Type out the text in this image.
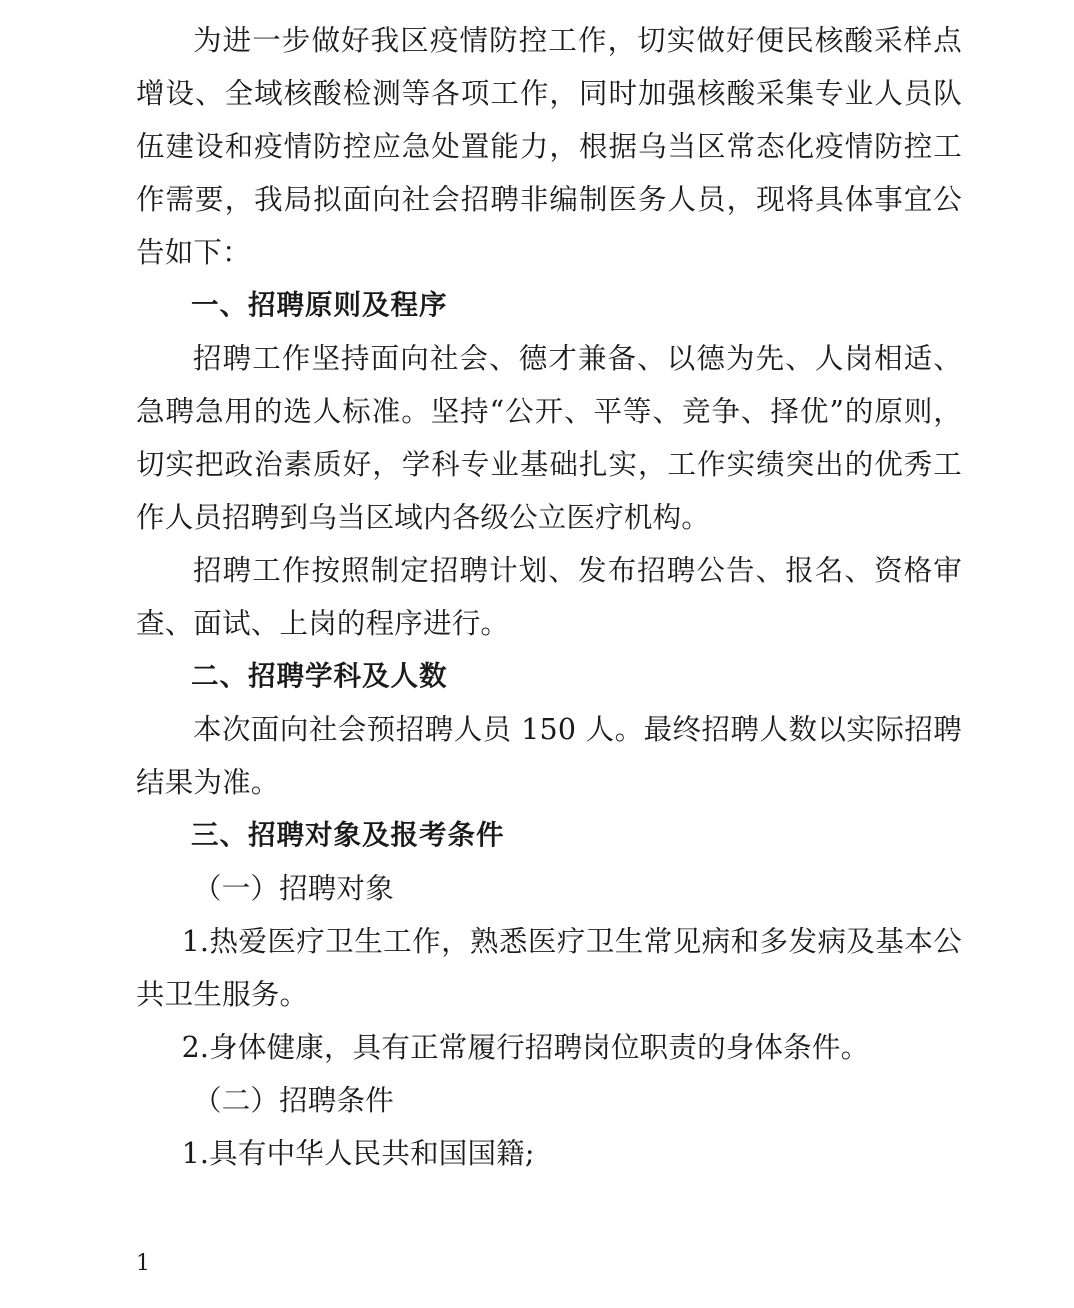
为进一步做好我区疫情防控工作，切实做好便民核酸采样点增设、全域核酸检测等各项工作，同时加强核酸采集专业人员队伍建设和疫情防控应急处置能力，根据乌当区常态化疫情防控工作需要，我局拟面向社会招聘非编制医务人员，现将具体事宜公告如下：

一、招聘原则及程序

招聘工作坚持面向社会、德才兼备、以德为先、人岗相适、急聘急用的选人标准。坚持“公开、平等、竞争、择优”的原则，切实把政治素质好，学科专业基础扎实，工作实绩突出的优秀工作人员招聘到乌当区域内各级公立医疗机构。

招聘工作按照制定招聘计划、发布招聘公告、报名、资格审查、面试、上岗的程序进行。

二、招聘学科及人数

本次面向社会预招聘人员 150 人。最终招聘人数以实际招聘结果为准。

三、招聘对象及报考条件

（一）招聘对象

1.热爱医疗卫生工作，熟悉医疗卫生常见病和多发病及基本公共卫生服务。

2.身体健康，具有正常履行招聘岗位职责的身体条件。

（二）招聘条件

1.具有中华人民共和国国籍;

1
